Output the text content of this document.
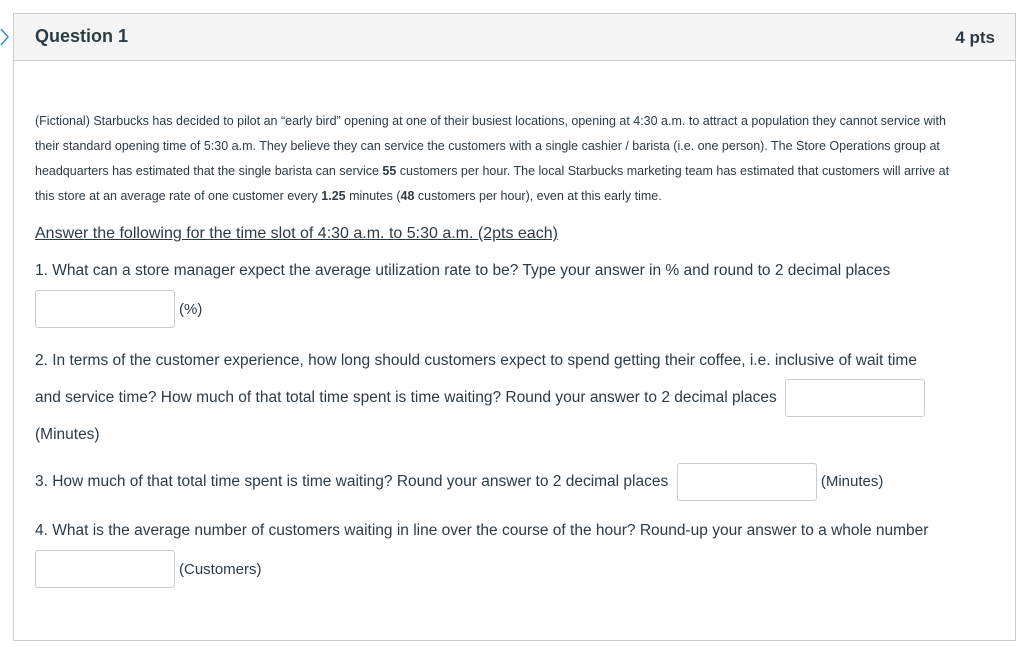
Question 1	4 pts
(Fictional) Starbucks has decided to pilot an “early bird” opening at one of their busiest locations, opening at 4:30 a.m. to attract a population they cannot service with
their standard opening time of 5:30 a.m. They believe they can service the customers with a single cashier / barista (i.e. one person). The Store Operations group at
headquarters has estimated that the single barista can service 55 customers per hour. The local Starbucks marketing team has estimated that customers will arrive at
this store at an average rate of one customer every 1.25 minutes (48 customers per hour), even at this early time.
Answer the following for the time slot of 4:30 a.m. to 5:30 a.m. (2pts each)
1. What can a store manager expect the average utilization rate to be? Type your answer in % and round to 2 decimal places
(%)
2. In terms of the customer experience, how long should customers expect to spend getting their coffee, i.e. inclusive of wait time
and service time? How much of that total time spent is time waiting? Round your answer to 2 decimal places
(Minutes)
3. How much of that total time spent is time waiting? Round your answer to 2 decimal places	(Minutes)
4. What is the average number of customers waiting in line over the course of the hour? Round-up your answer to a whole number
(Customers)
